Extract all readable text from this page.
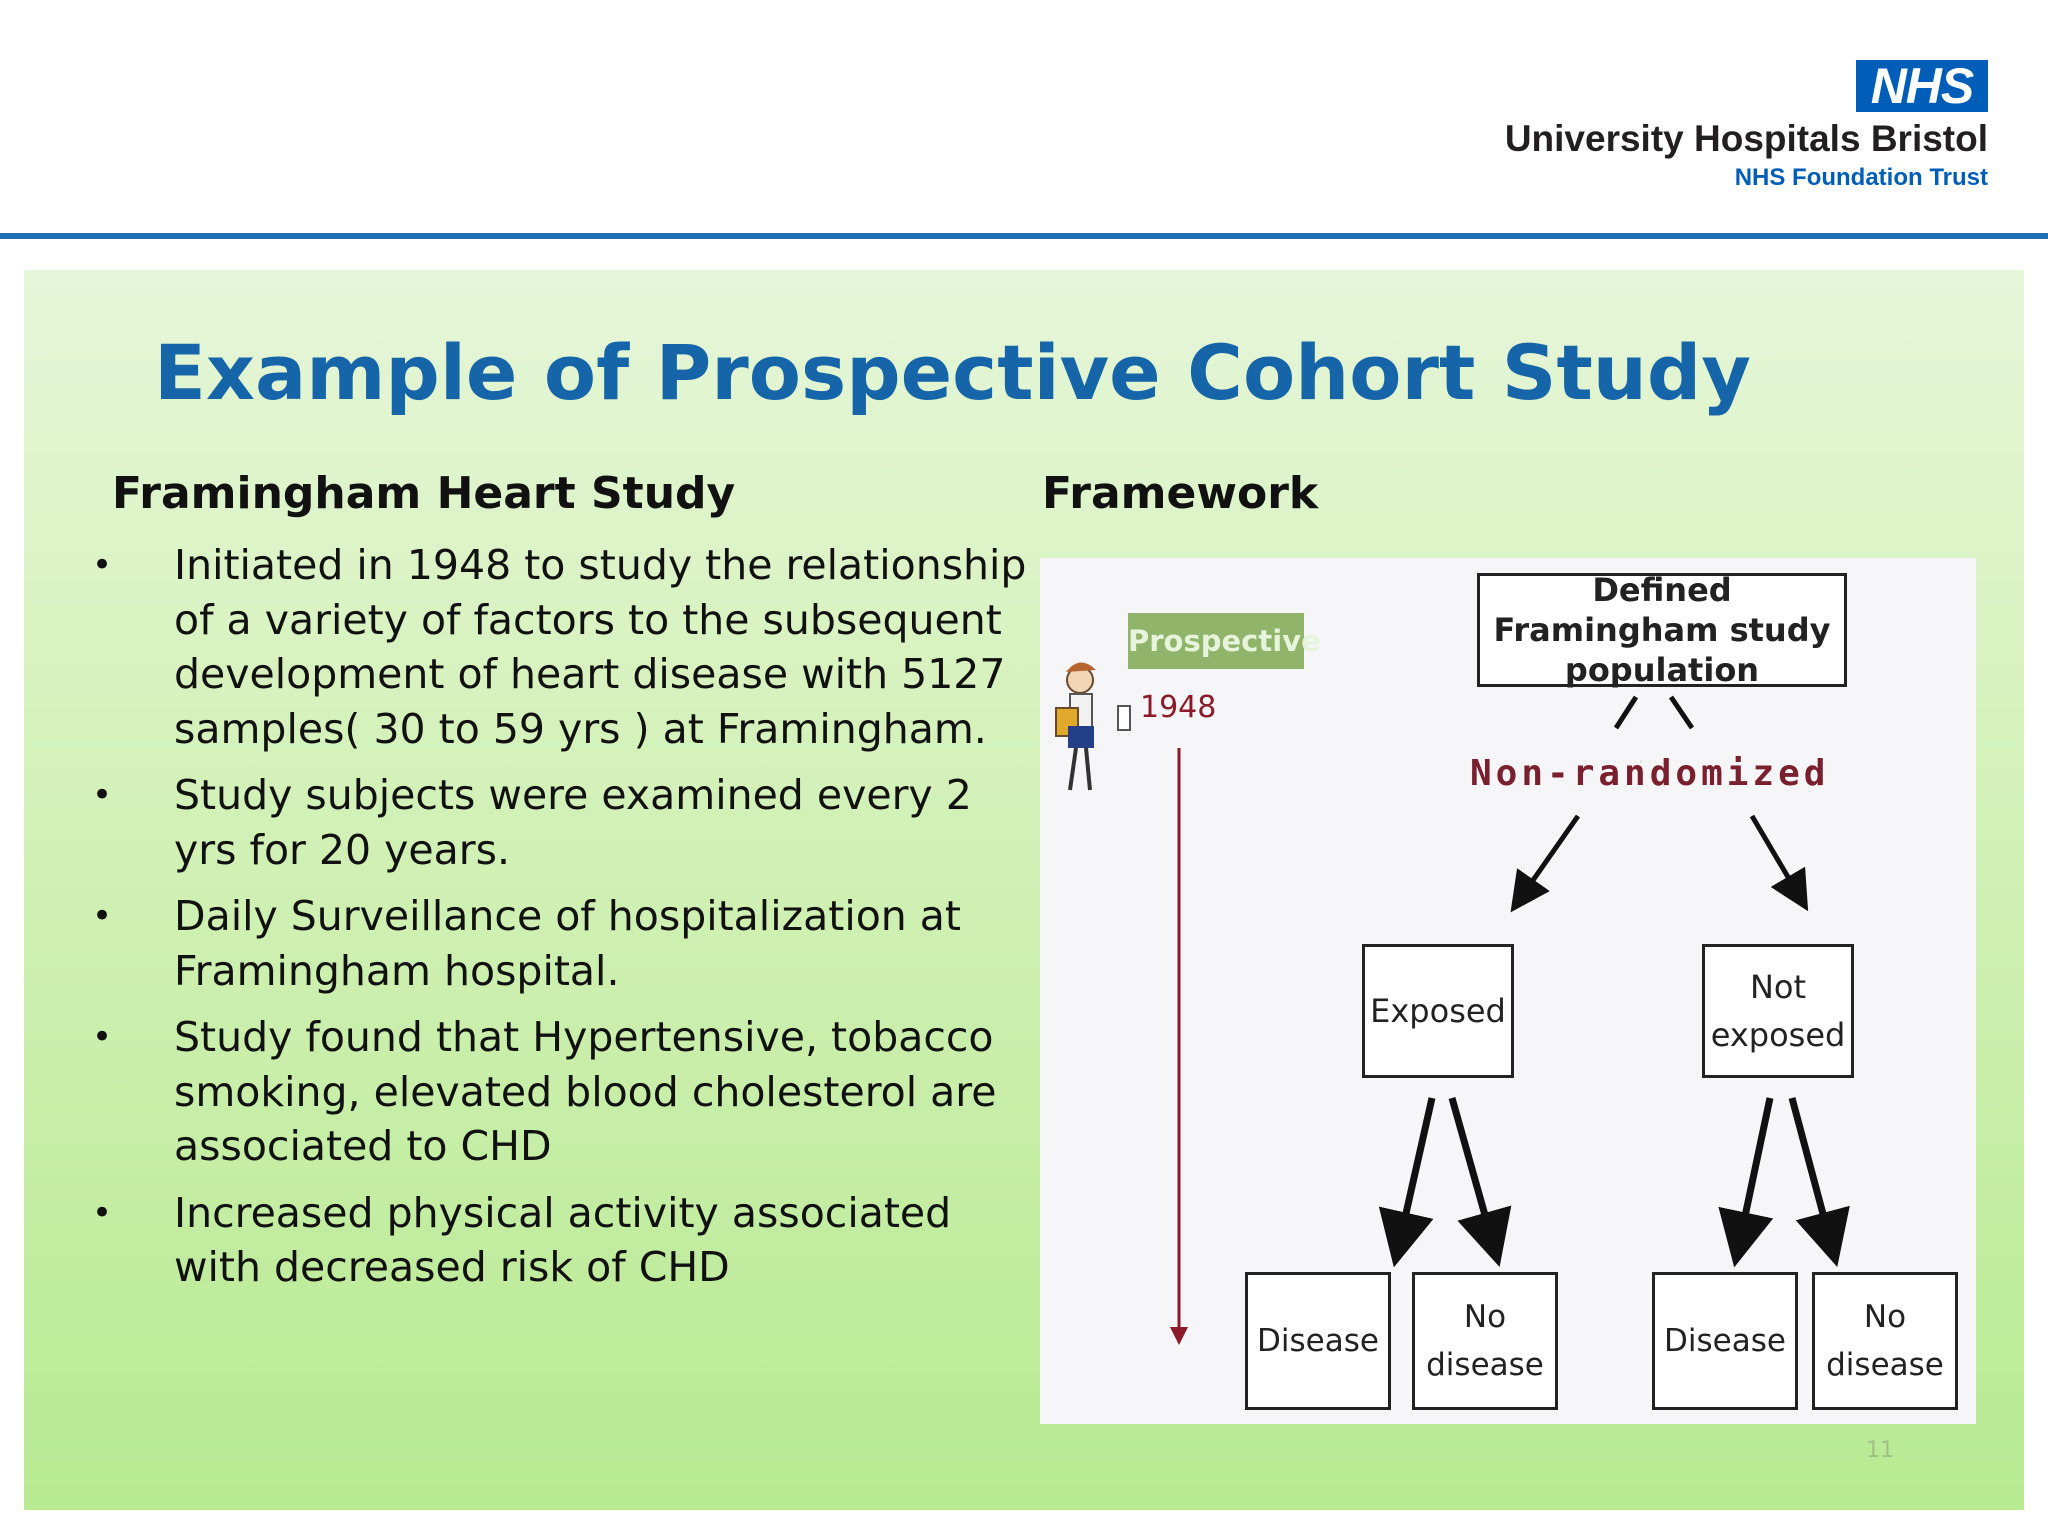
NHS
University Hospitals Bristol
NHS Foundation Trust
Example of Prospective Cohort Study
Framingham Heart Study	Framework
• Initiated in 1948 to study the relationship of a variety of factors to the subsequent development of heart disease with 5127 samples( 30 to 59 yrs ) at Framingham.
• Study subjects were examined every 2 yrs for 20 years.
• Daily Surveillance of hospitalization at Framingham hospital.
• Study found that Hypertensive, tobacco smoking, elevated blood cholesterol are associated to CHD
• Increased physical activity associated with decreased risk of CHD
Prospective
1948
Defined Framingham study population
Non-randomized
Exposed
Not exposed
Disease
No disease
Disease
No disease
11
